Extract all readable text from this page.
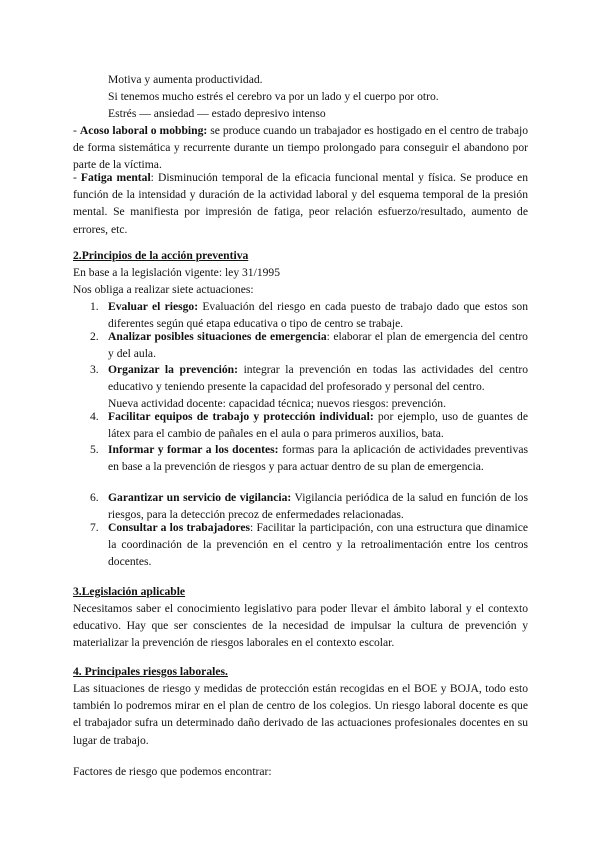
Motiva y aumenta productividad.
Si tenemos mucho estrés el cerebro va por un lado y el cuerpo por otro.
Estrés — ansiedad — estado depresivo intenso
- Acoso laboral o mobbing: se produce cuando un trabajador es hostigado en el centro de trabajo de forma sistemática y recurrente durante un tiempo prolongado para conseguir el abandono por parte de la víctima.
- Fatiga mental: Disminución temporal de la eficacia funcional mental y física. Se produce en función de la intensidad y duración de la actividad laboral y del esquema temporal de la presión mental. Se manifiesta por impresión de fatiga, peor relación esfuerzo/resultado, aumento de errores, etc.
2.Principios de la acción preventiva
En base a la legislación vigente: ley 31/1995
Nos obliga a realizar siete actuaciones:
1. Evaluar el riesgo: Evaluación del riesgo en cada puesto de trabajo dado que estos son diferentes según qué etapa educativa o tipo de centro se trabaje.
2. Analizar posibles situaciones de emergencia: elaborar el plan de emergencia del centro y del aula.
3. Organizar la prevención: integrar la prevención en todas las actividades del centro educativo y teniendo presente la capacidad del profesorado y personal del centro.
Nueva actividad docente: capacidad técnica; nuevos riesgos: prevención.
4. Facilitar equipos de trabajo y protección individual: por ejemplo, uso de guantes de látex para el cambio de pañales en el aula o para primeros auxilios, bata.
5. Informar y formar a los docentes: formas para la aplicación de actividades preventivas en base a la prevención de riesgos y para actuar dentro de su plan de emergencia.
6. Garantizar un servicio de vigilancia: Vigilancia periódica de la salud en función de los riesgos, para la detección precoz de enfermedades relacionadas.
7. Consultar a los trabajadores: Facilitar la participación, con una estructura que dinamice la coordinación de la prevención en el centro y la retroalimentación entre los centros docentes.
3.Legislación aplicable
Necesitamos saber el conocimiento legislativo para poder llevar el ámbito laboral y el contexto educativo. Hay que ser conscientes de la necesidad de impulsar la cultura de prevención y materializar la prevención de riesgos laborales en el contexto escolar.
4. Principales riesgos laborales.
Las situaciones de riesgo y medidas de protección están recogidas en el BOE y BOJA, todo esto también lo podremos mirar en el plan de centro de los colegios. Un riesgo laboral docente es que el trabajador sufra un determinado daño derivado de las actuaciones profesionales docentes en su lugar de trabajo.
Factores de riesgo que podemos encontrar:
